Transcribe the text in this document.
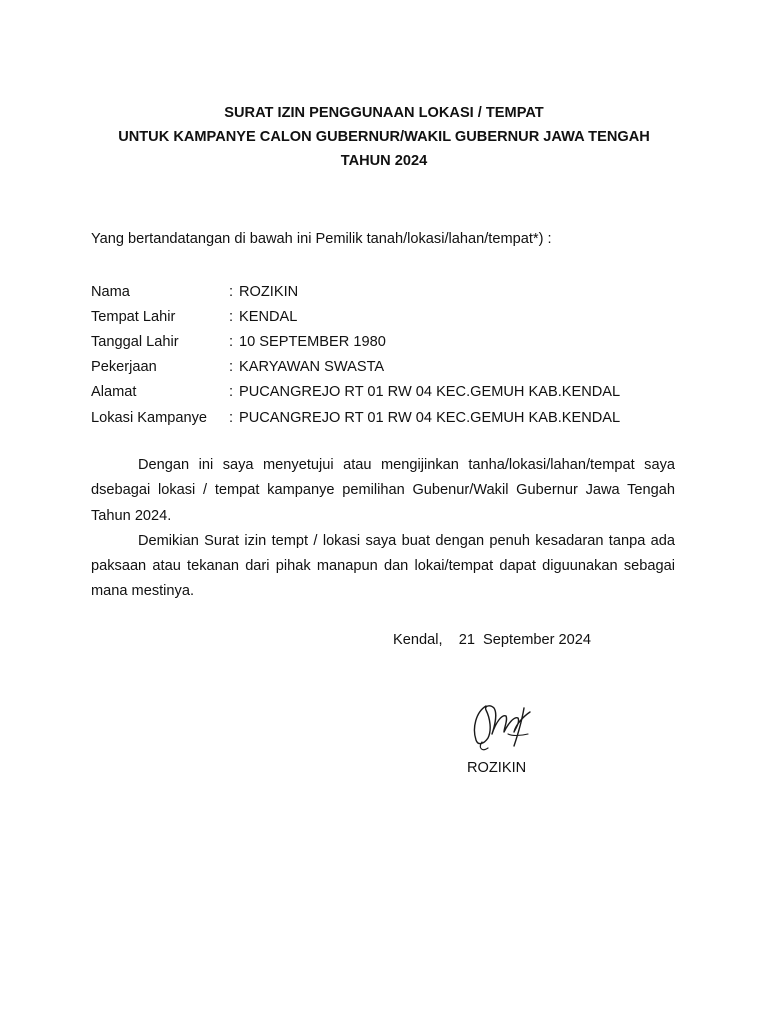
SURAT IZIN PENGGUNAAN LOKASI / TEMPAT
UNTUK KAMPANYE CALON GUBERNUR/WAKIL GUBERNUR JAWA TENGAH
TAHUN 2024
Yang bertandatangan di bawah ini Pemilik tanah/lokasi/lahan/tempat*) :
Nama	: ROZIKIN
Tempat Lahir	: KENDAL
Tanggal Lahir	: 10 SEPTEMBER 1980
Pekerjaan	: KARYAWAN SWASTA
Alamat	: PUCANGREJO RT 01 RW 04 KEC.GEMUH KAB.KENDAL
Lokasi Kampanye	: PUCANGREJO RT 01 RW 04 KEC.GEMUH KAB.KENDAL

Dengan ini saya menyetujui atau mengijinkan tanha/lokasi/lahan/tempat saya dsebagai lokasi / tempat kampanye pemilihan Gubenur/Wakil Gubernur Jawa Tengah Tahun 2024.

Demikian Surat izin tempt / lokasi saya buat dengan penuh kesadaran tanpa ada paksaan atau tekanan dari pihak manapun dan lokai/tempat dapat diguunakan sebagai mana mestinya.

Kendal,    21  September 2024
ROZIKIN
